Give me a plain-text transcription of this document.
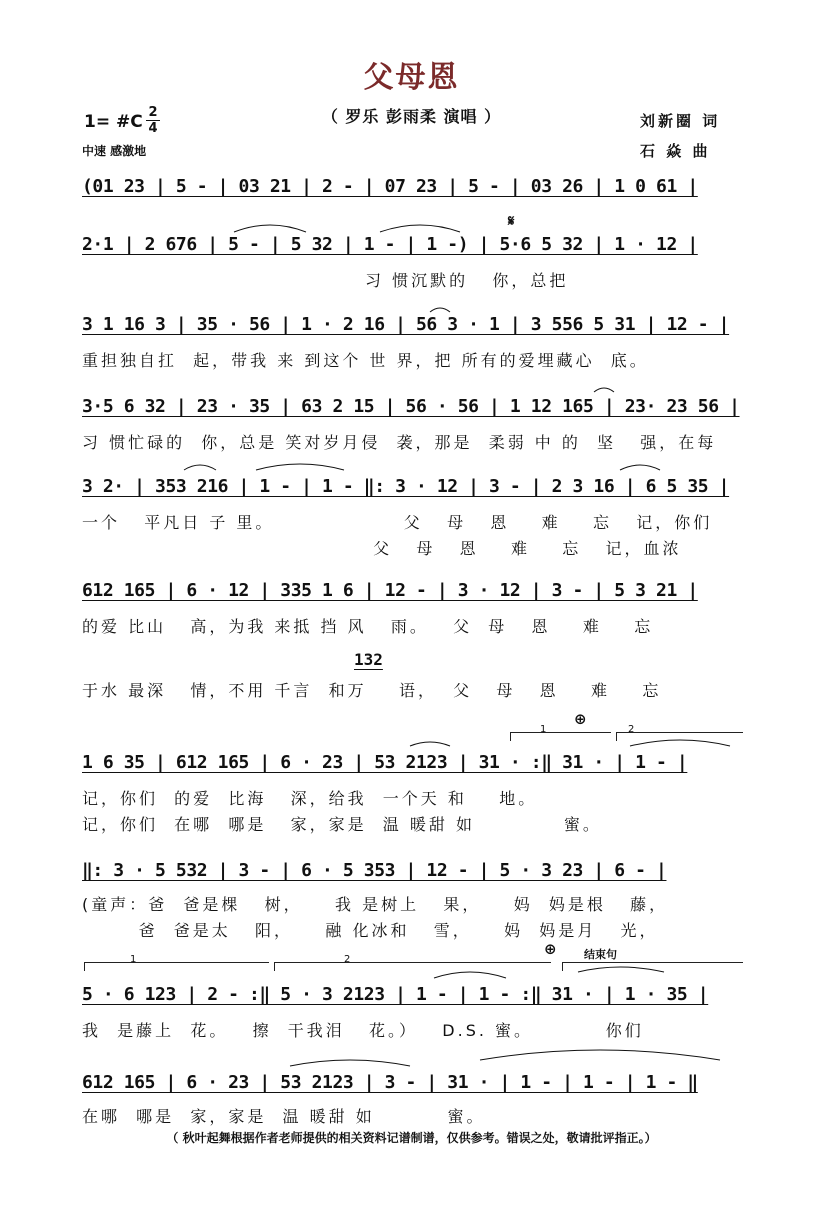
父母恩
（ 罗乐 彭雨柔 演唱 ）
1= #C 2
4
中速 感激地
刘新圈 词
石 焱 曲
(01 23 | 5 - | 03 21 | 2 - | 07 23 | 5 - | 03 26 | 1 0 61 |
𝄋
2·1 | 2 676 | 5 - | 5 32 | 1 - | 1 -) | 5·6 5 32 | 1 · 12 |
习 惯沉默的   你，总把
3 1 16 3 | 35 · 56 | 1 · 2 16 | 56 3 · 1 | 3 556 5 31 | 12 - |
重担独自扛  起，带我 来 到这个 世 界，把 所有的爱埋藏心  底。
3·5 6 32 | 23 · 35 | 63 2 15 | 56 · 56 | 1 12 165 | 23· 23 56 |
习 惯忙碌的  你，总是 笑对岁月侵  袭，那是  柔弱 中 的  坚   强，在每
3 2· | 353 216 | 1 - | 1 - ‖: 3 · 12 | 3 - | 2 3 16 | 6 5 35 |
一个   平凡日 子 里。                父   母   恩    难    忘   记，你们
父   母   恩    难    忘   记，血浓
612 165 | 6 · 12 | 335 1 6 | 12 - | 3 · 12 | 3 - | 5 3 21 |
的爱 比山   高，为我 来抵 挡 风   雨。   父  母   恩    难    忘
132
于水 最深   情，不用 千言  和万    语，  父   母   恩    难    忘
1
⊕
2
1 6 35 | 612 165 | 6 · 23 | 53 2123 | 31 · :‖ 31 · | 1 - |
记，你们  的爱  比海   深，给我  一个天 和    地。
记，你们  在哪  哪是   家，家是  温 暖甜 如           蜜。
‖: 3 · 5 532 | 3 - | 6 · 5 353 | 12 - | 5 · 3 23 | 6 - |
(童声：爸  爸是棵   树，    我 是树上   果，    妈  妈是根   藤，
爸  爸是太   阳，    融 化冰和   雪，    妈  妈是月   光，
1	2
⊕ 结束句
5 · 6 123 | 2 - :‖ 5 · 3 2123 | 1 - | 1 - :‖ 31 · | 1 · 35 |
我  是藤上  花。   擦  干我泪   花。）   D.S. 蜜。         你们
612 165 | 6 · 23 | 53 2123 | 3 - | 31 · | 1 - | 1 - | 1 - ‖
在哪  哪是  家，家是  温 暖甜 如         蜜。
（ 秋叶起舞根据作者老师提供的相关资料记谱制谱，仅供参考。错误之处，敬请批评指正。）
